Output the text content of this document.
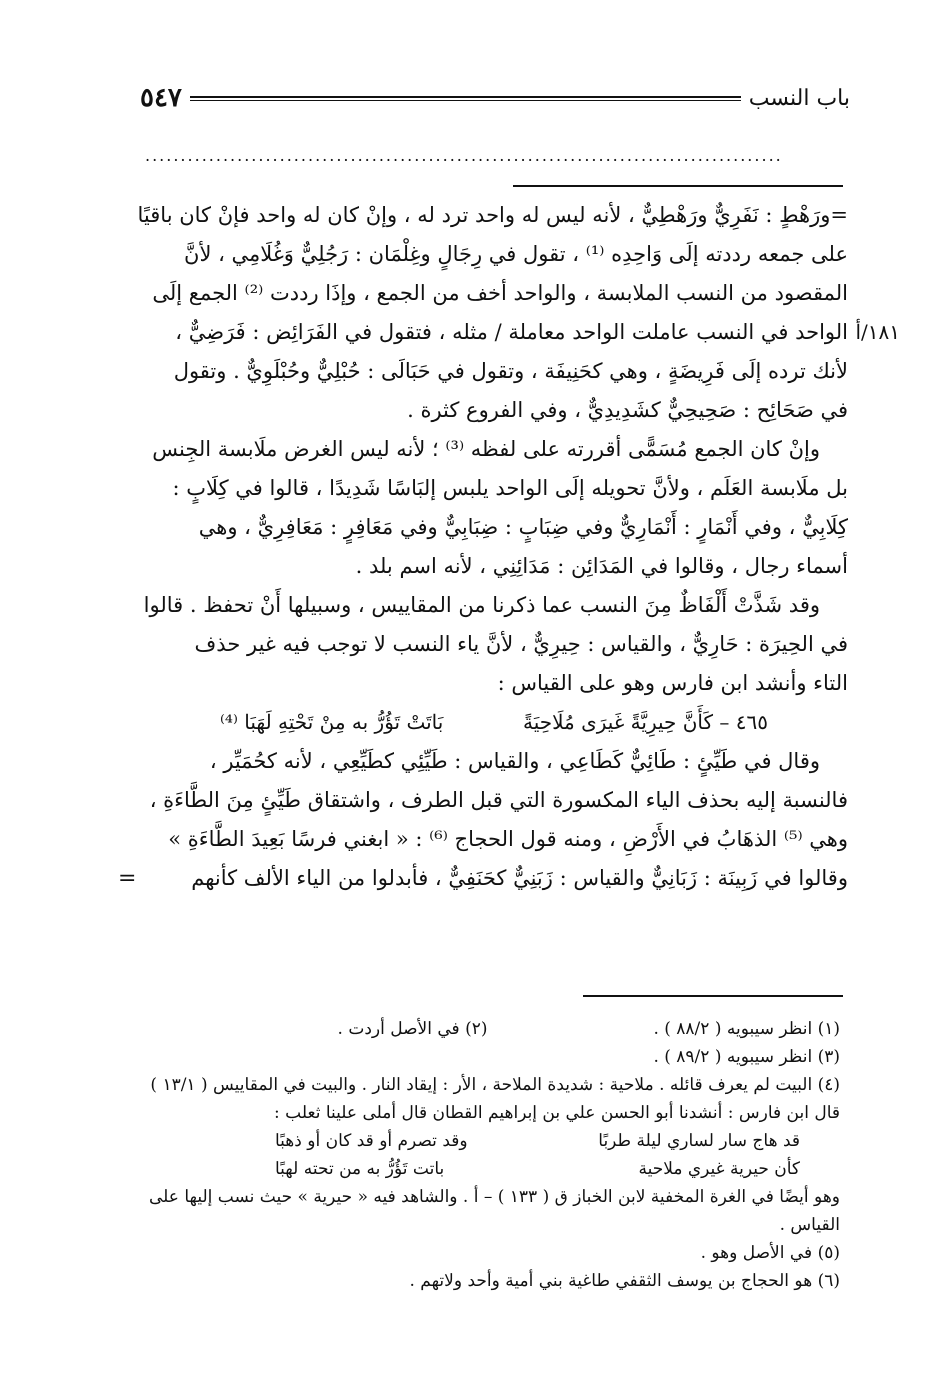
باب النسب
٥٤٧
..........................................................................................

=ورَهْطٍ : نَفَرِيٌّ ورَهْطِيٌّ ، لأنه ليس له واحد ترد له ، وإنْ كان له واحد فإنْ كان باقيًا

على جمعه رددته إلَى وَاحِدِه ⁽¹⁾ ، تقول في رِجَالٍ وغِلْمَان : رَجُلِيٌّ وَغُلَامِي ، لأنَّ

المقصود من النسب الملابسة ، والواحد أخف من الجمع ، وإذَا رددت ⁽²⁾ الجمع إلَى

١٨١/أ
الواحد في النسب عاملت الواحد معاملة / مثله ، فتقول في الفَرَائِض : فَرَضِيٌّ ،

لأنك ترده إلَى فَرِيضَةٍ ، وهي كحَنِيفَة ، وتقول في حَبَالَى : حُبْلِيٌّ وحُبْلَوِيٌّ . وتقول

في صَحَائِح : صَحِيحِيٌّ كشَدِيدِيٌّ ، وفي الفروع كثرة .

وإنْ كان الجمع مُسَمًّى أقررته على لفظه ⁽³⁾ ؛ لأنه ليس الغرض ملَابسة الجِنس

بل ملَابسة العَلَم ، ولأنَّ تحويله إلَى الواحد يلبس إلبَاسًا شَدِيدًا ، قالوا في كِلَابٍ :

كِلَابِيٌّ ، وفي أَنْمَارٍ : أَنْمَارِيٌّ وفي ضِبَابٍ : ضِبَابِيٌّ وفي مَعَافِرٍ : مَعَافِرِيٌّ ، وهي

أسماء رجال ، وقالوا في المَدَائِن : مَدَائِنِي ، لأنه اسم بلد .

وقد شَذَّتْ أَلْفَاظٌ مِنَ النسب عما ذكرنا من المقاييس ، وسبيلها أَنْ تحفظ . قالوا

في الحِيرَة : حَارِيٌّ ، والقياس : حِيرِيٌّ ، لأنَّ ياء النسب لا توجب فيه غير حذف

التاء وأنشد ابن فارس وهو على القياس :

٤٦٥ – كَأَنَّ حِيرِيَّةً غَيرَى مُلَاحِيَةً
بَاتَتْ تَؤُرُّ به مِنْ تَحْتِهِ لَهَبَا ⁽⁴⁾

وقال في طَيِّئٍ : طَائِيٌّ كَطَاعِي ، والقياس : طَيِّئِي كطَيِّعِي ، لأنه كحُمَيِّر ،

فالنسبة إليه بحذف الياء المكسورة التي قبل الطرف ، واشتقاق طَيِّئٍ مِنَ الطَّاءَةِ ،

وهي ⁽⁵⁾ الذهَابُ في الأَرْضِ ، ومنه قول الحجاج ⁽⁶⁾ : « ابغني فرسًا بَعِيدَ الطَّاءَةِ »

وقالوا في زَبِينَة : زَبَانِيٌّ والقياس : زَبَنِيٌّ كحَنَفِيٌّ ، فأبدلوا من الياء الألف كأنهم
=

(١) انظر سيبويه ( ٨٨/٢ ) .
(٢) في الأصل أردت .
(٣) انظر سيبويه ( ٨٩/٢ ) .
(٤) البيت لم يعرف قائله . ملاحية : شديدة الملاحة ، الأر : إيقاد النار . والبيت في المقاييس ( ١٣/١ )
قال ابن فارس : أنشدنا أبو الحسن علي بن إبراهيم القطان قال أملى علينا ثعلب :
قد هاج سار لساري ليلة طربًا
وقد تصرم أو قد كان أو ذهبًا
كأن حيرية غيري ملاحية
باتت تَؤُرُّ به من تحته لهبًا
وهو أيضًا في الغرة المخفية لابن الخباز ق ( ١٣٣ ) – أ . والشاهد فيه « حيرية » حيث نسب إليها على القياس .
(٥) في الأصل وهو .
(٦) هو الحجاج بن يوسف الثقفي طاغية بني أمية وأحد ولاتهم .
